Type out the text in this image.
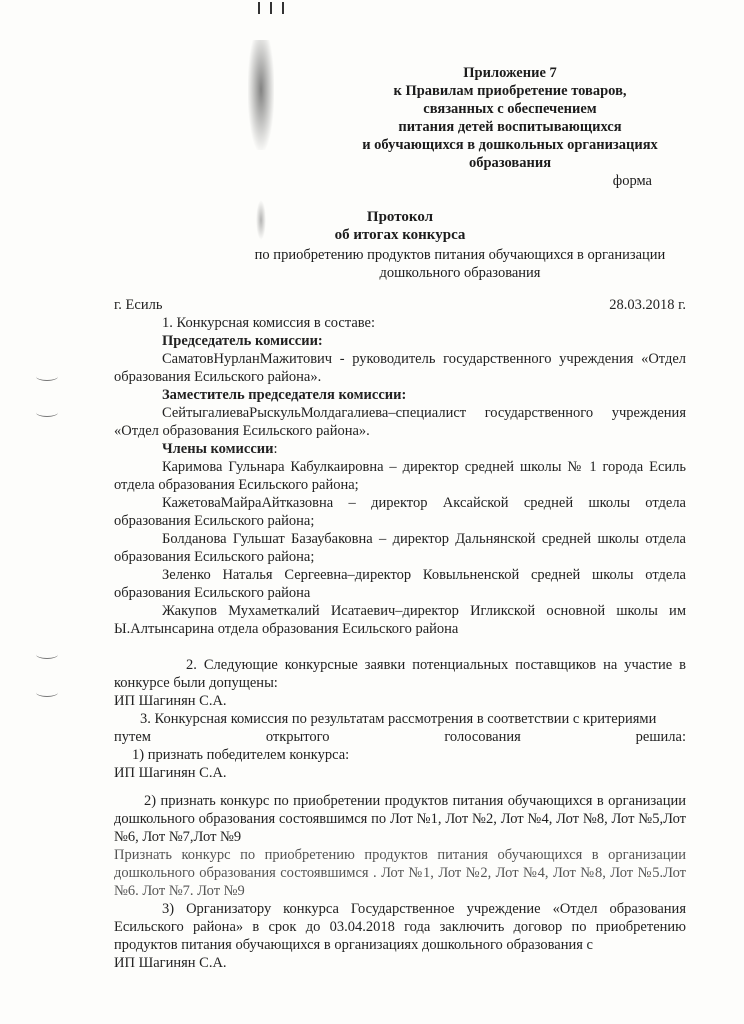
Приложение 7
к Правилам приобретение товаров,
связанных с обеспечением
питания детей воспитывающихся
и обучающихся в дошкольных организациях
образования
форма
Протокол
об итогах конкурса
по приобретению продуктов питания обучающихся в организации
дошкольного образования
г. Есиль	28.03.2018 г.
1. Конкурсная комиссия в составе:
Председатель комиссии:
СаматовНурланМажитович - руководитель государственного учреждения «Отдел образования Есильского района».
Заместитель председателя комиссии:
СейтыгалиеваРыскульМолдагалиева–специалист государственного учреждения «Отдел образования Есильского района».
Члены комиссии:
Каримова Гульнара Кабулкаировна – директор средней школы № 1 города Есиль отдела образования Есильского района;
КажетоваМайраАйтказовна – директор Аксайской средней школы отдела образования Есильского района;
Болданова Гульшат Базаубаковна – директор Дальнянской средней школы отдела образования Есильского района;
Зеленко Наталья Сергеевна–директор Ковыльненской средней школы отдела образования Есильского района
Жакупов Мухаметкалий Исатаевич–директор Игликской основной школы им Ы.Алтынсарина отдела образования Есильского района
2. Следующие конкурсные заявки потенциальных поставщиков на участие в конкурсе были допущены:
ИП Шагинян С.А.
3. Конкурсная комиссия по результатам рассмотрения в соответствии с критериями
путем открытого голосования решила:
1) признать победителем конкурса:
ИП Шагинян С.А.
2) признать конкурс по приобретении продуктов питания обучающихся в организации дошкольного образования состоявшимся по Лот №1, Лот №2, Лот №4, Лот №8, Лот №5,Лот №6, Лот №7,Лот №9
Признать конкурс по приобретению продуктов питания обучающихся в организации дошкольного образования состоявшимся . Лот №1, Лот №2, Лот №4, Лот №8, Лот №5.Лот №6. Лот №7. Лот №9
3) Организатору конкурса Государственное учреждение «Отдел образования Есильского района» в срок до 03.04.2018 года заключить договор по приобретению продуктов питания обучающихся в организациях дошкольного образования с
ИП Шагинян С.А.
